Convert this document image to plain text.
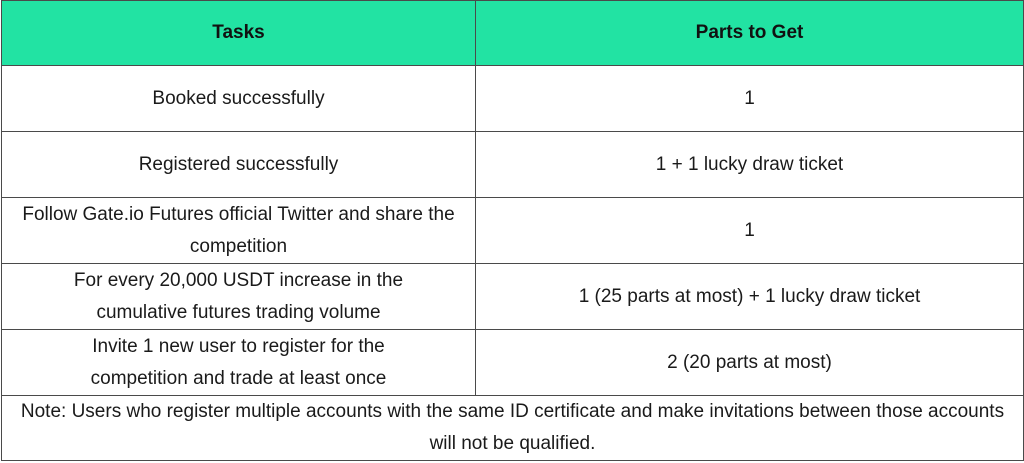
Tasks	Parts to Get
Booked successfully	1
Registered successfully	1 + 1 lucky draw ticket
Follow Gate.io Futures official Twitter and share the competition	1
For every 20,000 USDT increase in the cumulative futures trading volume	1 (25 parts at most) + 1 lucky draw ticket
Invite 1 new user to register for the competition and trade at least once	2 (20 parts at most)
Note: Users who register multiple accounts with the same ID certificate and make invitations between those accounts will not be qualified.	
